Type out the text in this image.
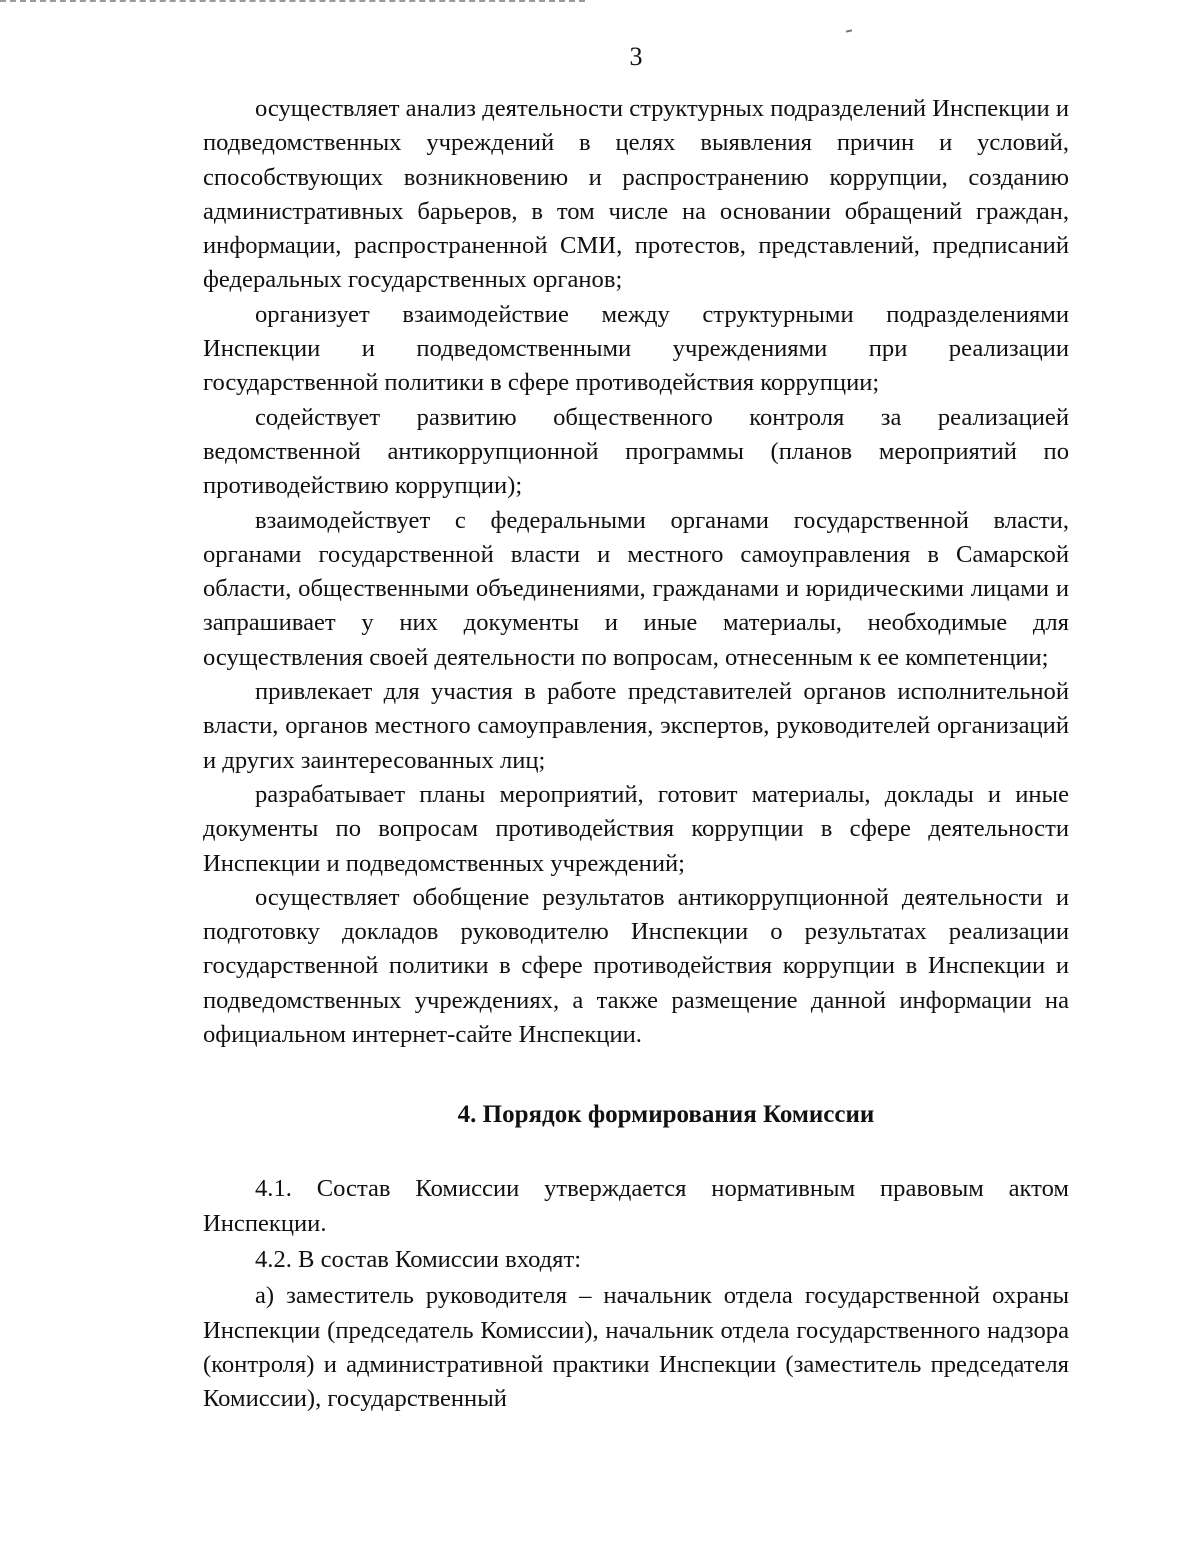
3

осуществляет анализ деятельности структурных подразделений Инспекции и подведомственных учреждений в целях выявления причин и условий, способствующих возникновению и распространению коррупции, созданию административных барьеров, в том числе на основании обращений граждан, информации, распространенной СМИ, протестов, представлений, предписаний федеральных государственных органов;

организует взаимодействие между структурными подразделениями Инспекции и подведомственными учреждениями при реализации государственной политики в сфере противодействия коррупции;

содействует развитию общественного контроля за реализацией ведомственной антикоррупционной программы (планов мероприятий по противодействию коррупции);

взаимодействует с федеральными органами государственной власти, органами государственной власти и местного самоуправления в Самарской области, общественными объединениями, гражданами и юридическими лицами и запрашивает у них документы и иные материалы, необходимые для осуществления своей деятельности по вопросам, отнесенным к ее компетенции;

привлекает для участия в работе представителей органов исполнительной власти, органов местного самоуправления, экспертов, руководителей организаций и других заинтересованных лиц;

разрабатывает планы мероприятий, готовит материалы, доклады и иные документы по вопросам противодействия коррупции в сфере деятельности Инспекции и подведомственных учреждений;

осуществляет обобщение результатов антикоррупционной деятельности и подготовку докладов руководителю Инспекции о результатах реализации государственной политики в сфере противодействия коррупции в Инспекции и подведомственных учреждениях, а также размещение данной информации на официальном интернет-сайте Инспекции.

4. Порядок формирования Комиссии

4.1. Состав Комиссии утверждается нормативным правовым актом Инспекции.

4.2. В состав Комиссии входят:

а) заместитель руководителя – начальник отдела государственной охраны Инспекции (председатель Комиссии), начальник отдела государственного надзора (контроля) и административной практики Инспекции (заместитель председателя Комиссии), государственный
